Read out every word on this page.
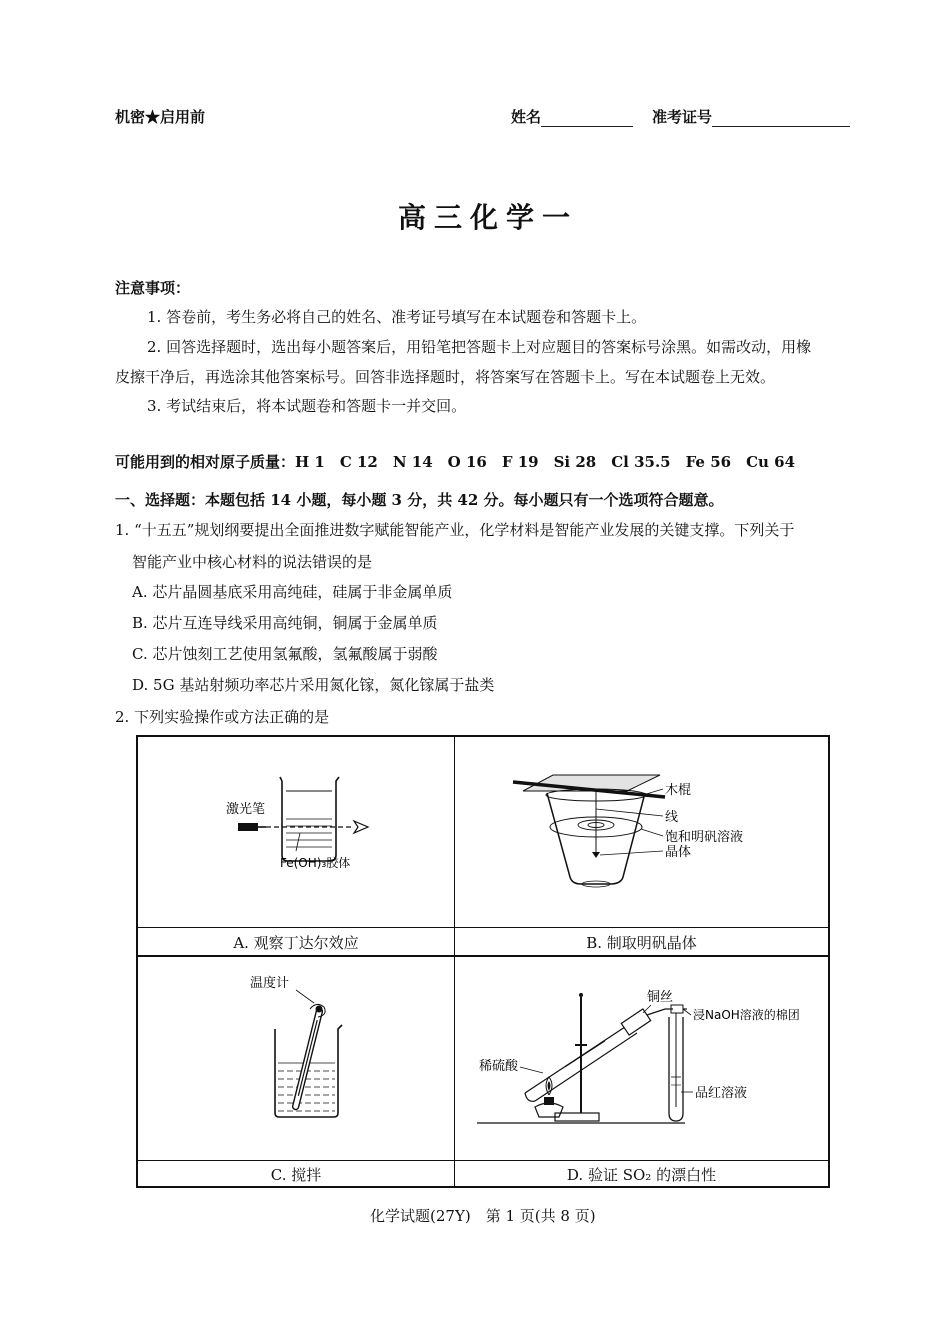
机密★启用前	姓名	准考证号
高三化学一
注意事项：
1. 答卷前，考生务必将自己的姓名、准考证号填写在本试题卷和答题卡上。
2. 回答选择题时，选出每小题答案后，用铅笔把答题卡上对应题目的答案标号涂黑。如需改动，用橡
皮擦干净后，再选涂其他答案标号。回答非选择题时，将答案写在答题卡上。写在本试题卷上无效。
3. 考试结束后，将本试题卷和答题卡一并交回。
可能用到的相对原子质量：H 1　C 12　N 14　O 16　F 19　Si 28　Cl 35.5　Fe 56　Cu 64
一、选择题：本题包括 14 小题，每小题 3 分，共 42 分。每小题只有一个选项符合题意。
1. “十五五”规划纲要提出全面推进数字赋能智能产业，化学材料是智能产业发展的关键支撑。下列关于
智能产业中核心材料的说法错误的是
A. 芯片晶圆基底采用高纯硅，硅属于非金属单质
B. 芯片互连导线采用高纯铜，铜属于金属单质
C. 芯片蚀刻工艺使用氢氟酸，氢氟酸属于弱酸
D. 5G 基站射频功率芯片采用氮化镓，氮化镓属于盐类
2. 下列实验操作或方法正确的是
激光笔
Fe(OH)₃胶体
A. 观察丁达尔效应
木棍
线
饱和明矾溶液
晶体
B. 制取明矾晶体
温度计
C. 搅拌
铜丝
浸NaOH溶液的棉团
稀硫酸
品红溶液
D. 验证 SO₂ 的漂白性
化学试题(27Y)　第 1 页(共 8 页)
